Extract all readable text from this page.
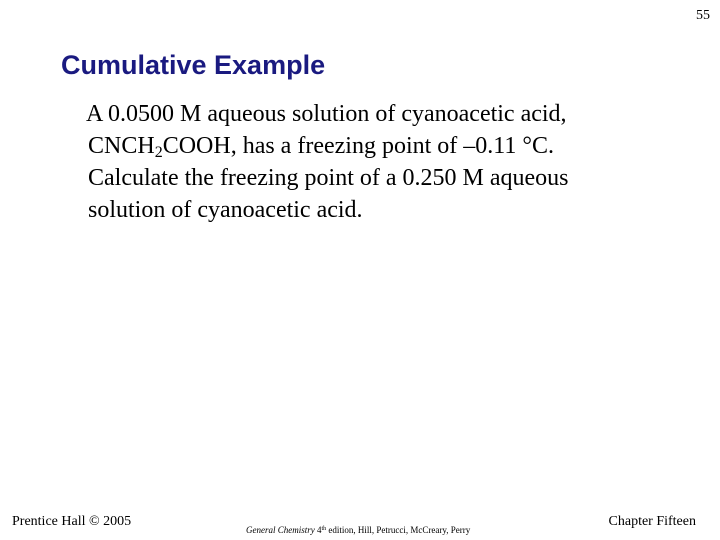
55
Cumulative Example

A 0.0500 M aqueous solution of cyanoacetic acid,
$CNCH_2COOH$, has a freezing point of –0.11 °C.
Calculate the freezing point of a 0.250 M aqueous
solution of cyanoacetic acid.

Prentice Hall © 2005
General Chemistry 4th edition, Hill, Petrucci, McCreary, Perry
Chapter Fifteen
